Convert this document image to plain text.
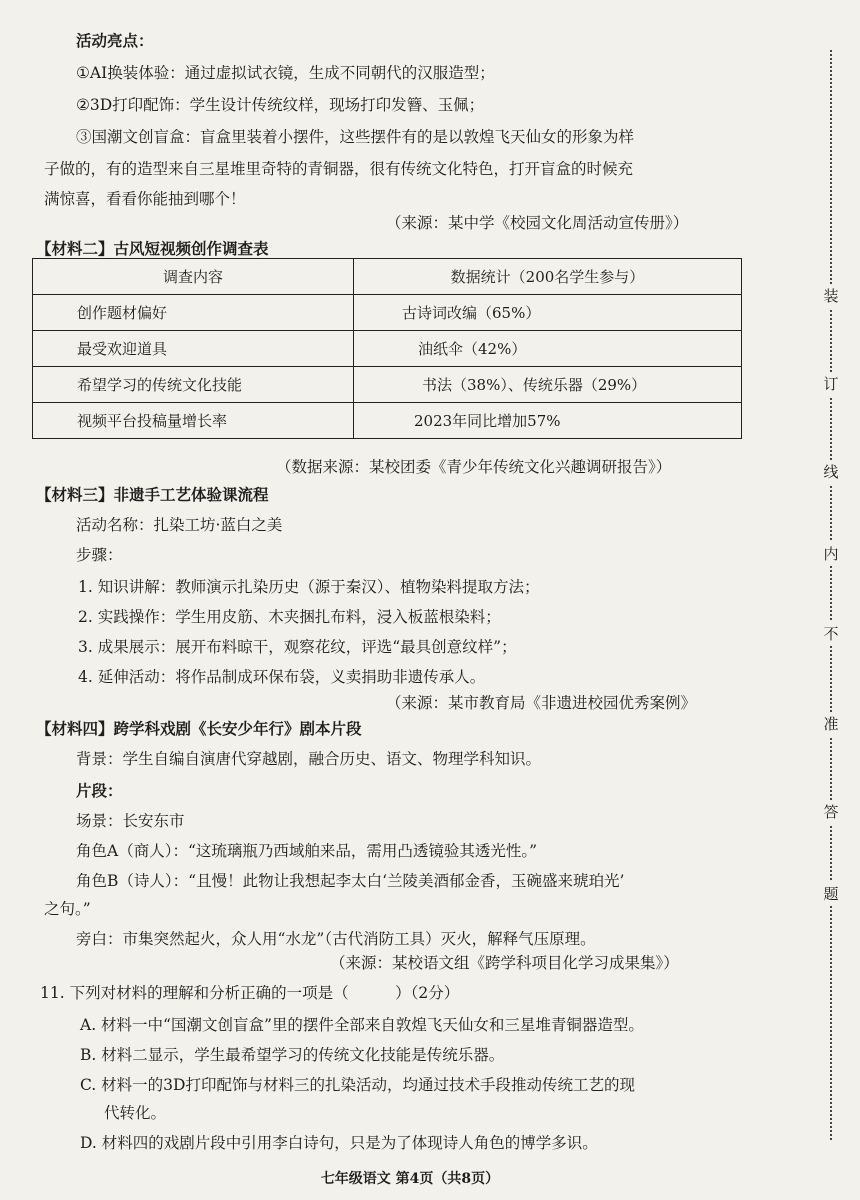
活动亮点：
①AI换装体验：通过虚拟试衣镜，生成不同朝代的汉服造型；
②3D打印配饰：学生设计传统纹样，现场打印发簪、玉佩；
③国潮文创盲盒：盲盒里装着小摆件，这些摆件有的是以敦煌飞天仙女的形象为样
子做的，有的造型来自三星堆里奇特的青铜器，很有传统文化特色，打开盲盒的时候充
满惊喜，看看你能抽到哪个！
（来源：某中学《校园文化周活动宣传册》）
【材料二】古风短视频创作调查表
调查内容	数据统计（200名学生参与）
创作题材偏好	古诗词改编（65%）
最受欢迎道具	油纸伞（42%）
希望学习的传统文化技能	书法（38%）、传统乐器（29%）
视频平台投稿量增长率	2023年同比增加57%
（数据来源：某校团委《青少年传统文化兴趣调研报告》）
【材料三】非遗手工艺体验课流程
活动名称：扎染工坊·蓝白之美
步骤：
1. 知识讲解：教师演示扎染历史（源于秦汉）、植物染料提取方法；
2. 实践操作：学生用皮筋、木夹捆扎布料，浸入板蓝根染料；
3. 成果展示：展开布料晾干，观察花纹，评选“最具创意纹样”；
4. 延伸活动：将作品制成环保布袋，义卖捐助非遗传承人。
（来源：某市教育局《非遗进校园优秀案例》
【材料四】跨学科戏剧《长安少年行》剧本片段
背景：学生自编自演唐代穿越剧，融合历史、语文、物理学科知识。
片段：
场景：长安东市
角色A（商人）：“这琉璃瓶乃西域舶来品，需用凸透镜验其透光性。”
角色B（诗人）：“且慢！此物让我想起李太白‘兰陵美酒郁金香，玉碗盛来琥珀光’
之句。”
旁白：市集突然起火，众人用“水龙”（古代消防工具）灭火，解释气压原理。
（来源：某校语文组《跨学科项目化学习成果集》）
11. 下列对材料的理解和分析正确的一项是（　　　）（2分）
A. 材料一中“国潮文创盲盒”里的摆件全部来自敦煌飞天仙女和三星堆青铜器造型。
B. 材料二显示，学生最希望学习的传统文化技能是传统乐器。
C. 材料一的3D打印配饰与材料三的扎染活动，均通过技术手段推动传统工艺的现
代转化。
D. 材料四的戏剧片段中引用李白诗句，只是为了体现诗人角色的博学多识。
七年级语文 第4页（共8页）
装
订
线
内
不
准
答
题
